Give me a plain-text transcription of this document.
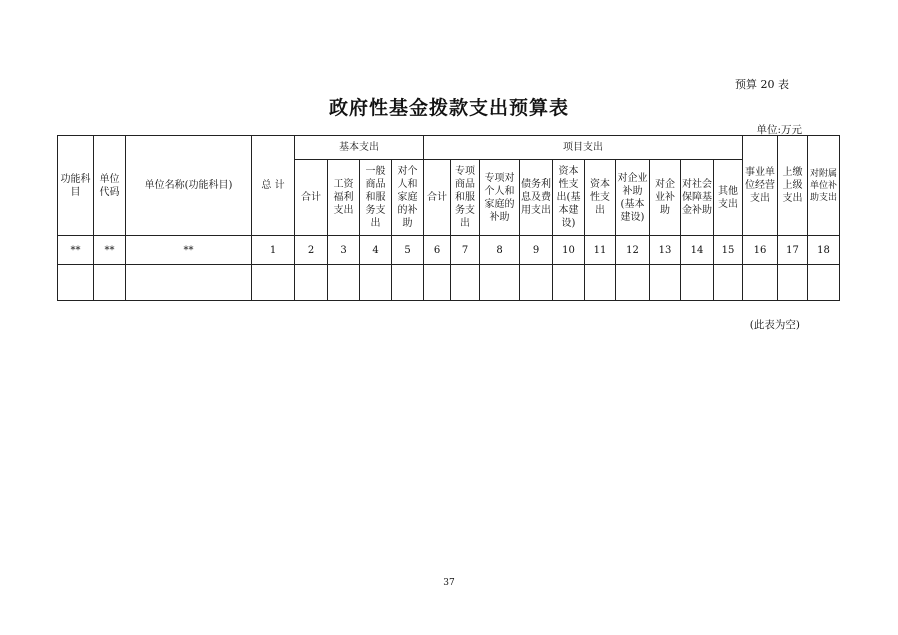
预算 20 表
政府性基金拨款支出预算表
单位:万元
功能科目	单位代码	单位名称(功能科目)	总 计	基本支出				项目支出										事业单位经营支出	上缴上级支出	对附属单位补助支出
				合计	工资福利支出	一般商品和服务支出	对个人和家庭的补助	合计	专项商品和服务支出	专项对个人和家庭的补助	债务利息及费用支出	资本性支出(基本建设)	资本性支出	对企业补助(基本建设)	对企业补助	对社会保障基金补助	其他支出			
**	**	**	1	2	3	4	5	6	7	8	9	10	11	12	13	14	15	16	17	18

(此表为空)
37
